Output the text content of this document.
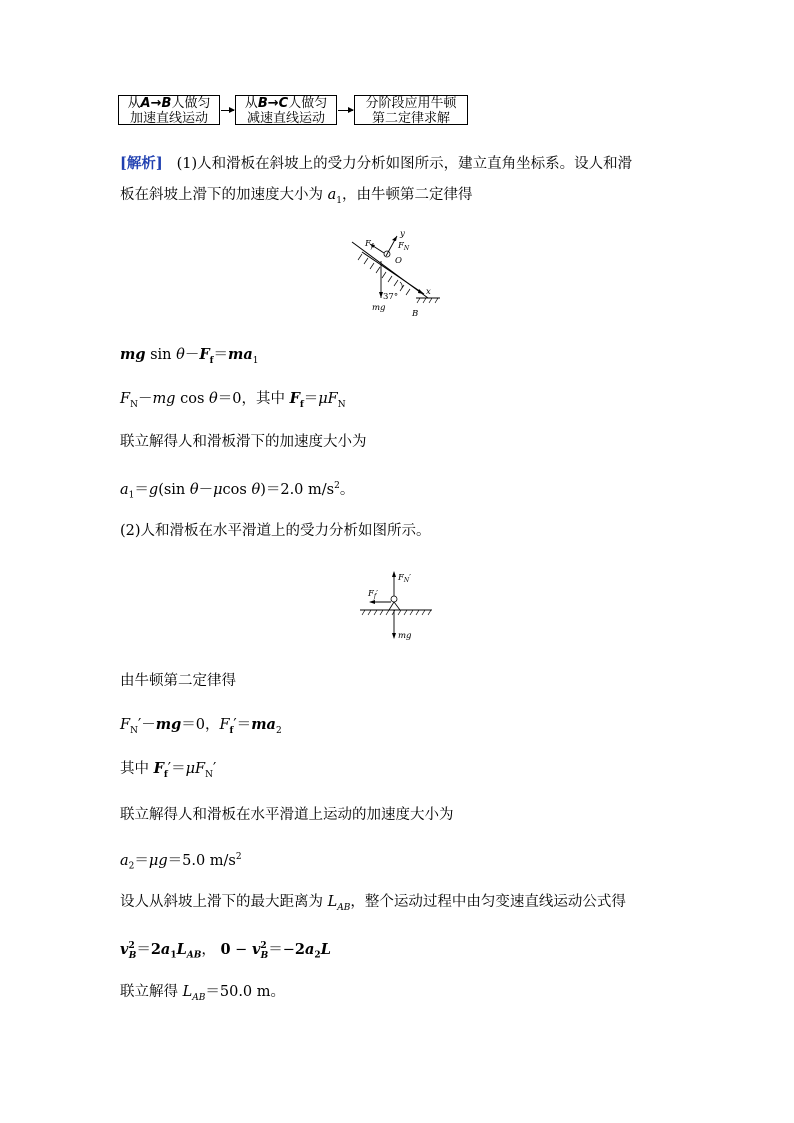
从A→B人做匀
加速直线运动
从B→C人做匀
减速直线运动
分阶段应用牛顿
第二定律求解
[解析] (1)人和滑板在斜坡上的受力分析如图所示，建立直角坐标系。设人和滑
板在斜坡上滑下的加速度大小为 $a_1$，由牛顿第二定律得
$F_f$	$F_N$
y
O
x
37°
mg
B
mg $\sin \theta-F_f=ma_1$
$F_N-mg$ cos θ＝0，其中 $F_f=\mu F_N$
联立解得人和滑板滑下的加速度大小为
$a_1=g(\sin$ θ－μcos θ)＝2.0 $m/s^2$。
(2)人和滑板在水平滑道上的受力分析如图所示。
$F_N'$
$F_f'$
mg
由牛顿第二定律得
$F_N'-mg=0$，$F_f'=ma_2$
其中 $F_f'=\mu F_N'$
联立解得人和滑板在水平滑道上运动的加速度大小为
$a_2=\mu g=5.0$ $m/s^2$
设人从斜坡上滑下的最大距离为 $L_{AB}$，整个运动过程中由匀变速直线运动公式得
$v^2_B=2a_1L_{AB}$， $0 - v^2_B=-2a_2L$
联立解得 $L_{AB}=50.0$ m。
